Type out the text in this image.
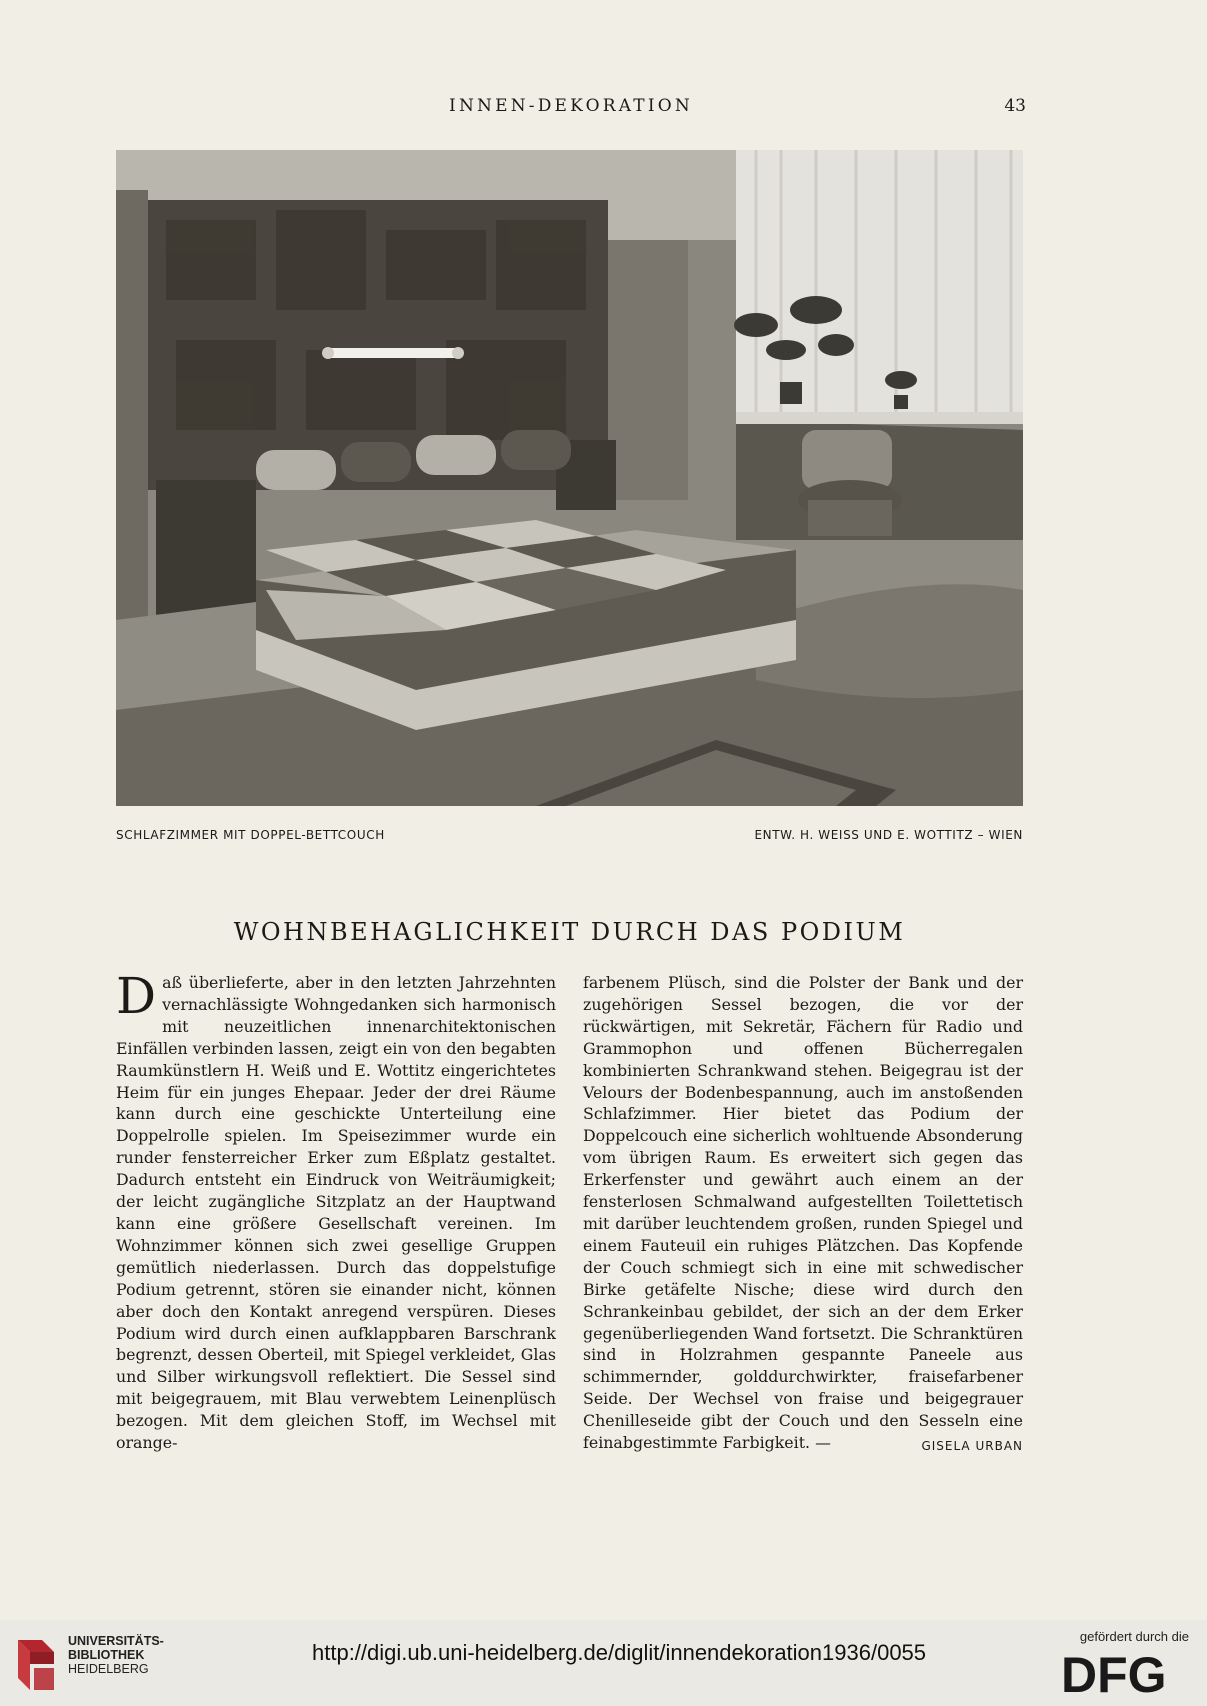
INNEN-DEKORATION	43
SCHLAFZIMMER MIT DOPPEL-BETTCOUCH	ENTW. H. WEISS UND E. WOTTITZ – WIEN
WOHNBEHAGLICHKEIT DURCH DAS PODIUM

Daß überlieferte, aber in den letzten Jahrzehnten vernachlässigte Wohngedanken sich harmonisch mit neuzeitlichen innenarchitektonischen Einfällen verbinden lassen, zeigt ein von den begabten Raumkünstlern H. Weiß und E. Wottitz eingerichtetes Heim für ein junges Ehepaar. Jeder der drei Räume kann durch eine geschickte Unterteilung eine Doppelrolle spielen. Im Speisezimmer wurde ein runder fensterreicher Erker zum Eßplatz gestaltet. Dadurch entsteht ein Eindruck von Weiträumigkeit; der leicht zugängliche Sitzplatz an der Hauptwand kann eine größere Gesellschaft vereinen. Im Wohnzimmer können sich zwei gesellige Gruppen gemütlich niederlassen. Durch das doppelstufige Podium getrennt, stören sie einander nicht, können aber doch den Kontakt anregend verspüren. Dieses Podium wird durch einen aufklappbaren Barschrank begrenzt, dessen Oberteil, mit Spiegel verkleidet, Glas und Silber wirkungsvoll reflektiert. Die Sessel sind mit beigegrauem, mit Blau verwebtem Leinenplüsch bezogen. Mit dem gleichen Stoff, im Wechsel mit orange-

farbenem Plüsch, sind die Polster der Bank und der zugehörigen Sessel bezogen, die vor der rückwärtigen, mit Sekretär, Fächern für Radio und Grammophon und offenen Bücherregalen kombinierten Schrankwand stehen. Beigegrau ist der Velours der Bodenbespannung, auch im anstoßenden Schlafzimmer. Hier bietet das Podium der Doppelcouch eine sicherlich wohltuende Absonderung vom übrigen Raum. Es erweitert sich gegen das Erkerfenster und gewährt auch einem an der fensterlosen Schmalwand aufgestellten Toilettetisch mit darüber leuchtendem großen, runden Spiegel und einem Fauteuil ein ruhiges Plätzchen. Das Kopfende der Couch schmiegt sich in eine mit schwedischer Birke getäfelte Nische; diese wird durch den Schrankeinbau gebildet, der sich an der dem Erker gegenüberliegenden Wand fortsetzt. Die Schranktüren sind in Holzrahmen gespannte Paneele aus schimmernder, golddurchwirkter, fraisefarbener Seide. Der Wechsel von fraise und beigegrauer Chenilleseide gibt der Couch und den Sesseln eine feinabgestimmte Farbigkeit. —	GISELA URBAN

UNIVERSITÄTS-
BIBLIOTHEK
HEIDELBERG
http://digi.ub.uni-heidelberg.de/diglit/innendekoration1936/0055
gefördert durch die
DFG
